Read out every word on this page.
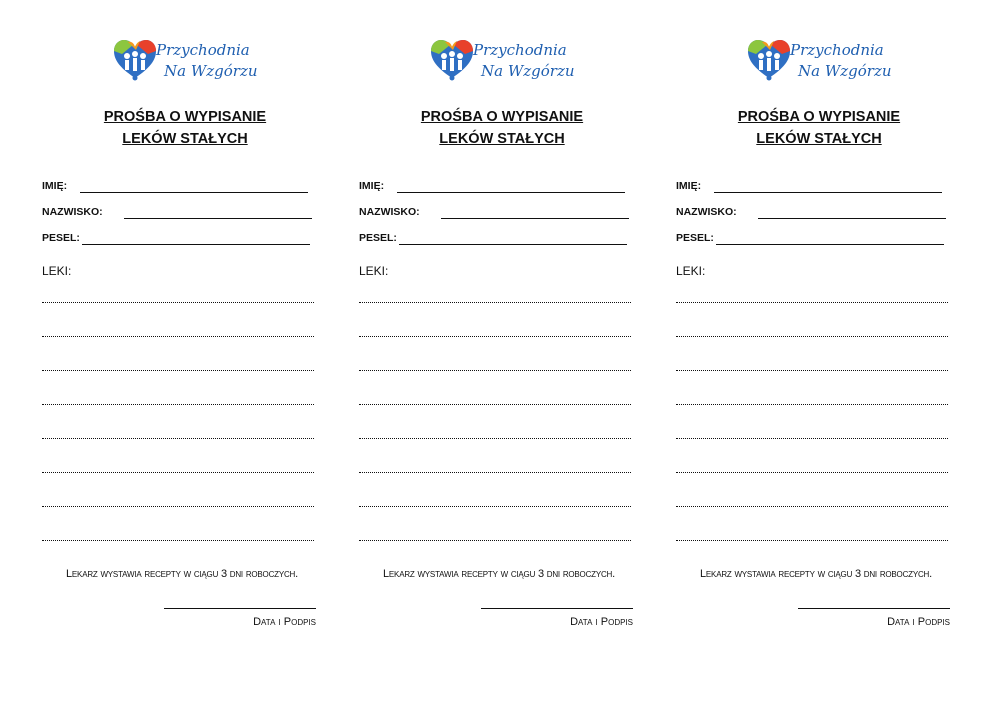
Przychodnia
Na Wzgórzu
PROŚBA O WYPISANIE
LEKÓW STAŁYCH
IMIĘ:
NAZWISKO:
PESEL:
LEKI:
Lekarz wystawia recepty w ciągu 3 dni roboczych.
Data i Podpis
Przychodnia
Na Wzgórzu
PROŚBA O WYPISANIE
LEKÓW STAŁYCH
IMIĘ:
NAZWISKO:
PESEL:
LEKI:
Lekarz wystawia recepty w ciągu 3 dni roboczych.
Data i Podpis
Przychodnia
Na Wzgórzu
PROŚBA O WYPISANIE
LEKÓW STAŁYCH
IMIĘ:
NAZWISKO:
PESEL:
LEKI:
Lekarz wystawia recepty w ciągu 3 dni roboczych.
Data i Podpis
